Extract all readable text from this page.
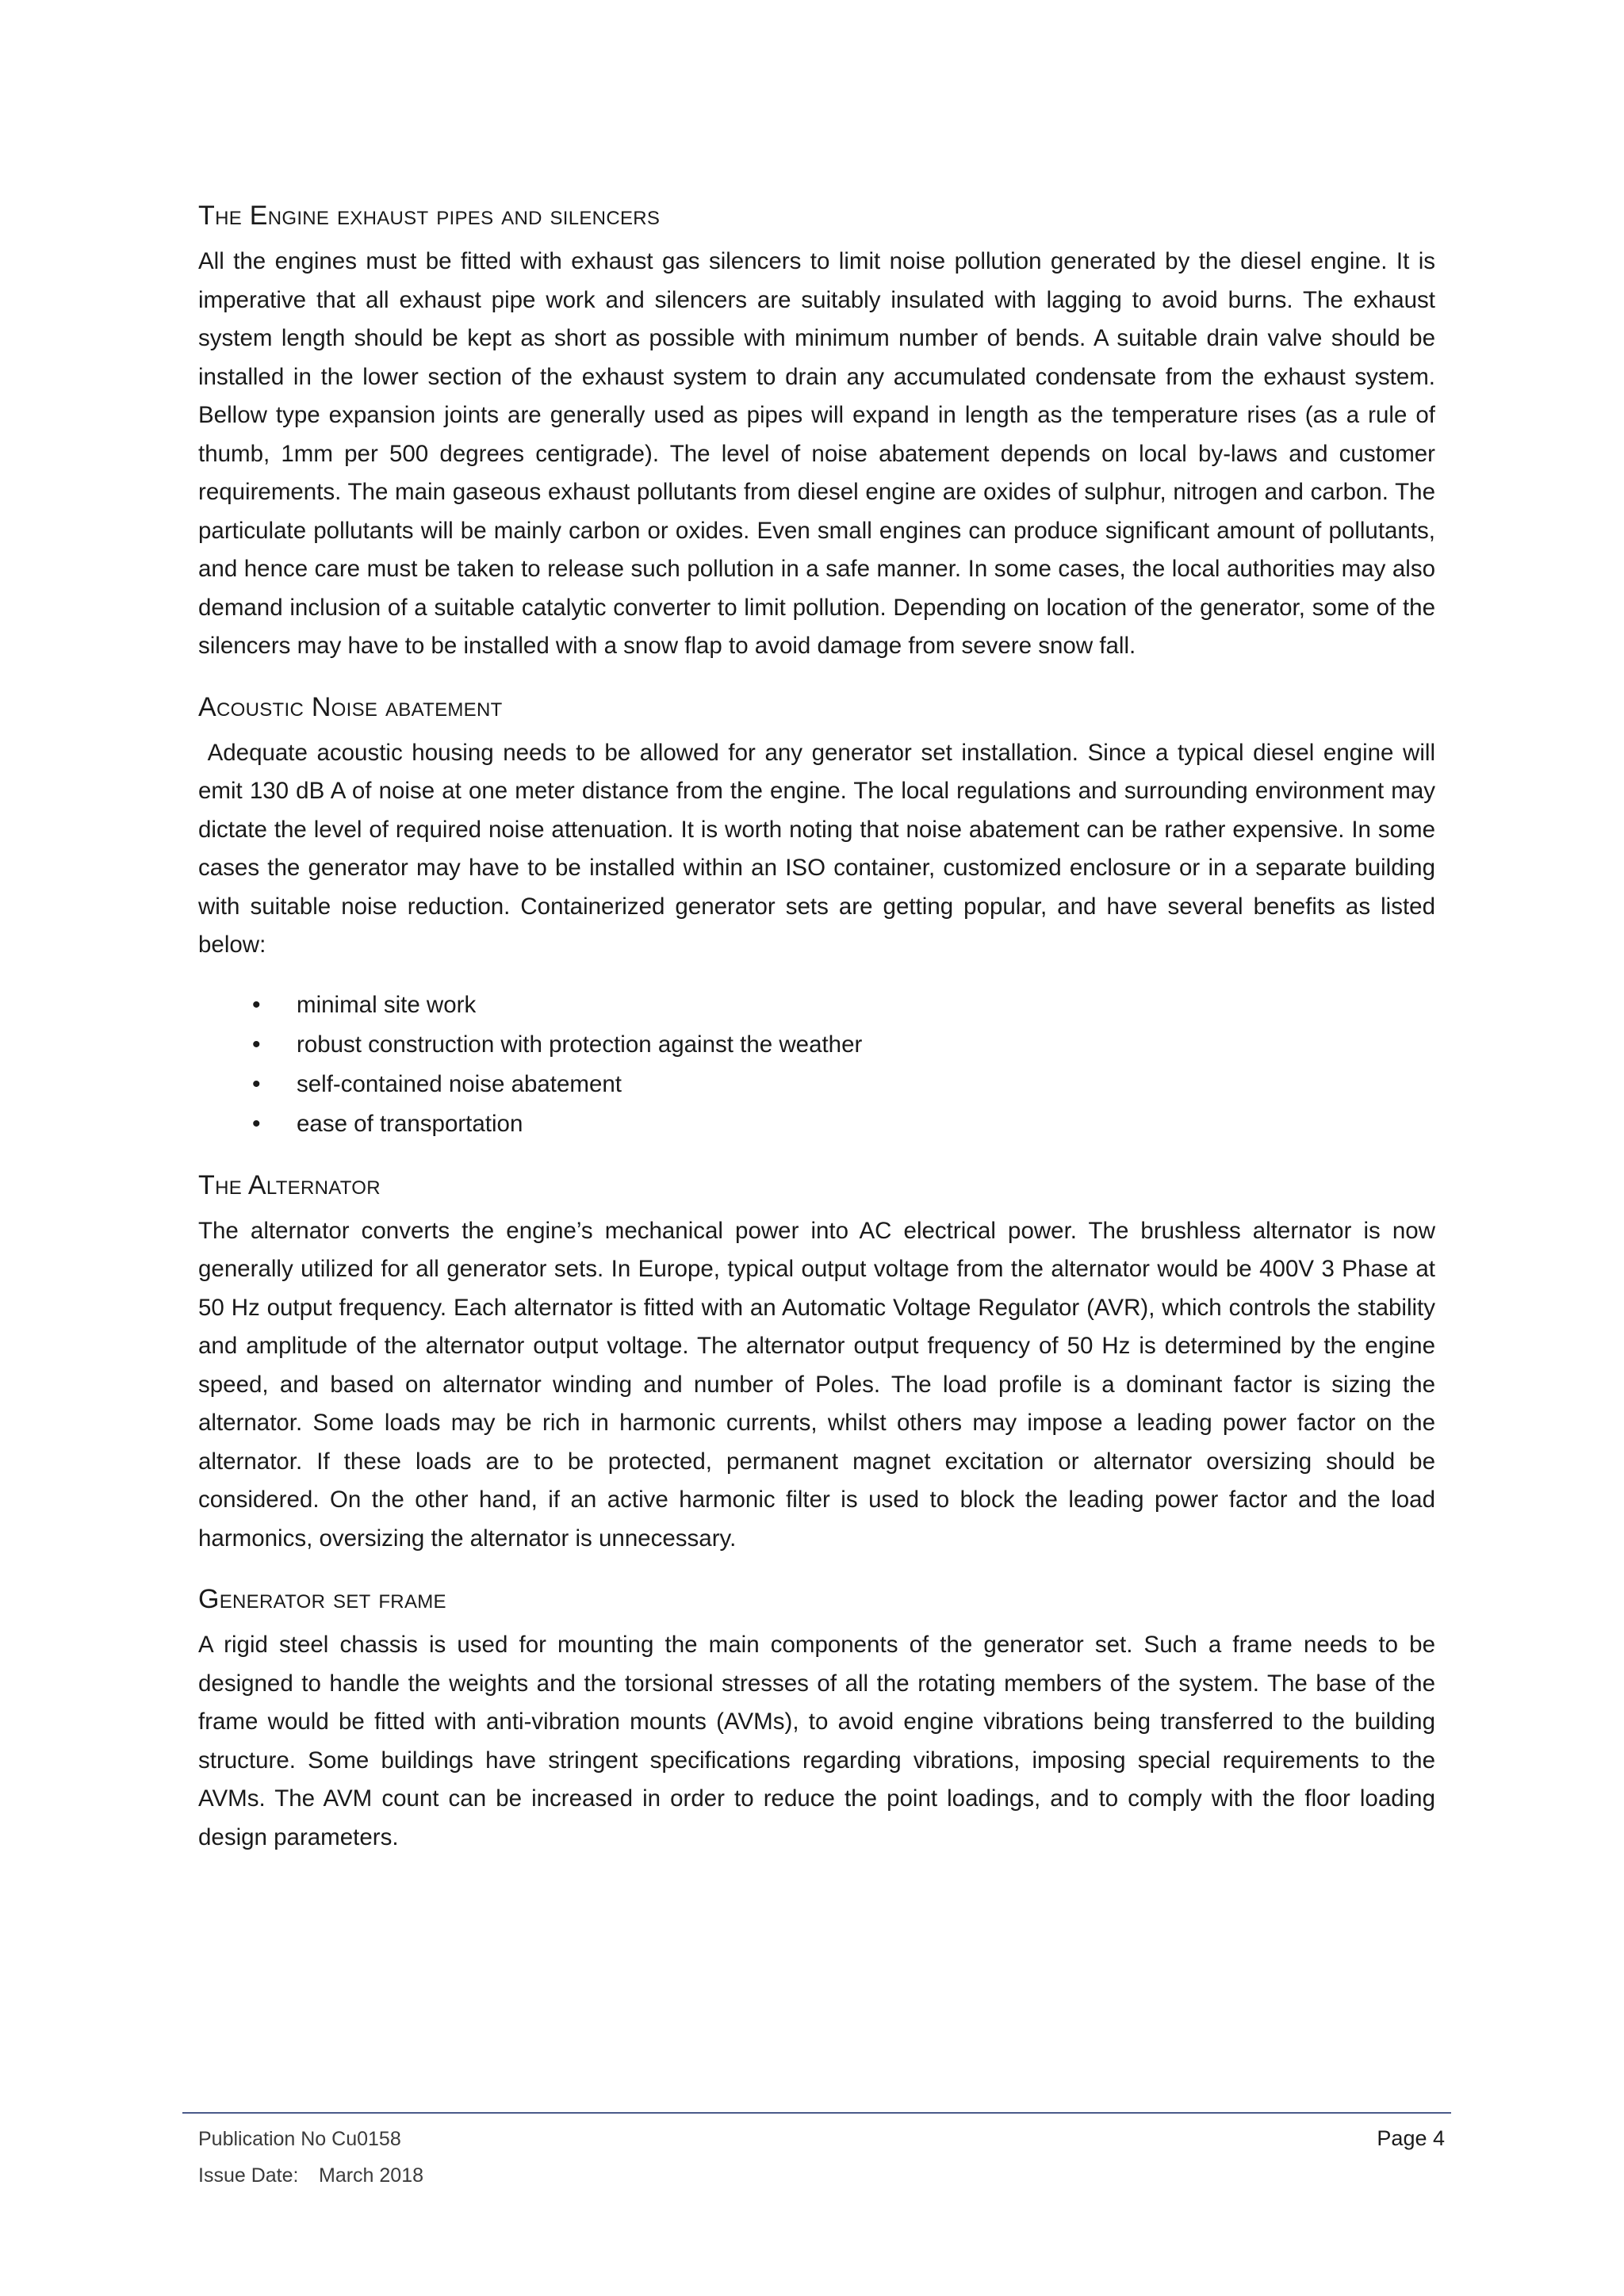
The Engine exhaust pipes and silencers

All the engines must be fitted with exhaust gas silencers to limit noise pollution generated by the diesel engine. It is imperative that all exhaust pipe work and silencers are suitably insulated with lagging to avoid burns. The exhaust system length should be kept as short as possible with minimum number of bends. A suitable drain valve should be installed in the lower section of the exhaust system to drain any accumulated condensate from the exhaust system. Bellow type expansion joints are generally used as pipes will expand in length as the temperature rises (as a rule of thumb, 1mm per 500 degrees centigrade). The level of noise abatement depends on local by-laws and customer requirements. The main gaseous exhaust pollutants from diesel engine are oxides of sulphur, nitrogen and carbon. The particulate pollutants will be mainly carbon or oxides. Even small engines can produce significant amount of pollutants, and hence care must be taken to release such pollution in a safe manner. In some cases, the local authorities may also demand inclusion of a suitable catalytic converter to limit pollution. Depending on location of the generator, some of the silencers may have to be installed with a snow flap to avoid damage from severe snow fall.

Acoustic Noise abatement

Adequate acoustic housing needs to be allowed for any generator set installation. Since a typical diesel engine will emit 130 dB A of noise at one meter distance from the engine. The local regulations and surrounding environment may dictate the level of required noise attenuation. It is worth noting that noise abatement can be rather expensive. In some cases the generator may have to be installed within an ISO container, customized enclosure or in a separate building with suitable noise reduction. Containerized generator sets are getting popular, and have several benefits as listed below:

• minimal site work
• robust construction with protection against the weather
• self-contained noise abatement
• ease of transportation
The Alternator

The alternator converts the engine’s mechanical power into AC electrical power. The brushless alternator is now generally utilized for all generator sets. In Europe, typical output voltage from the alternator would be 400V 3 Phase at 50 Hz output frequency. Each alternator is fitted with an Automatic Voltage Regulator (AVR), which controls the stability and amplitude of the alternator output voltage. The alternator output frequency of 50 Hz is determined by the engine speed, and based on alternator winding and number of Poles. The load profile is a dominant factor is sizing the alternator. Some loads may be rich in harmonic currents, whilst others may impose a leading power factor on the alternator. If these loads are to be protected, permanent magnet excitation or alternator oversizing should be considered. On the other hand, if an active harmonic filter is used to block the leading power factor and the load harmonics, oversizing the alternator is unnecessary.

Generator set frame

A rigid steel chassis is used for mounting the main components of the generator set. Such a frame needs to be designed to handle the weights and the torsional stresses of all the rotating members of the system. The base of the frame would be fitted with anti-vibration mounts (AVMs), to avoid engine vibrations being transferred to the building structure. Some buildings have stringent specifications regarding vibrations, imposing special requirements to the AVMs. The AVM count can be increased in order to reduce the point loadings, and to comply with the floor loading design parameters.

Publication No Cu0158
Issue Date: March 2018
Page 4
